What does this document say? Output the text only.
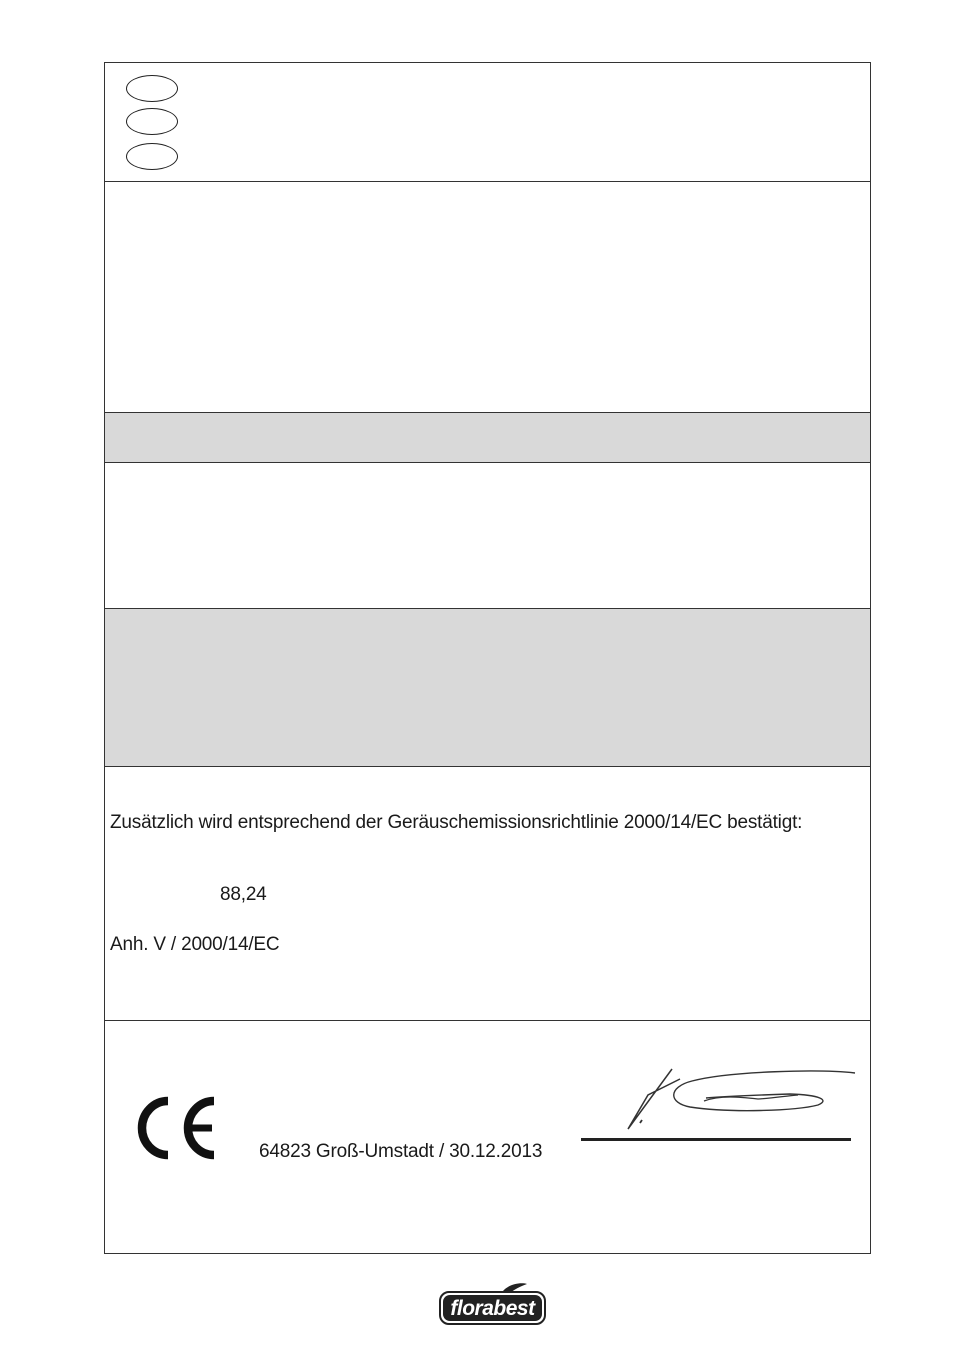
Zusätzlich wird entsprechend der Geräuschemissionsrichtlinie 2000/14/EC bestätigt:
88,24
Anh. V / 2000/14/EC
64823 Groß-Umstadt / 30.12.2013
florabest
